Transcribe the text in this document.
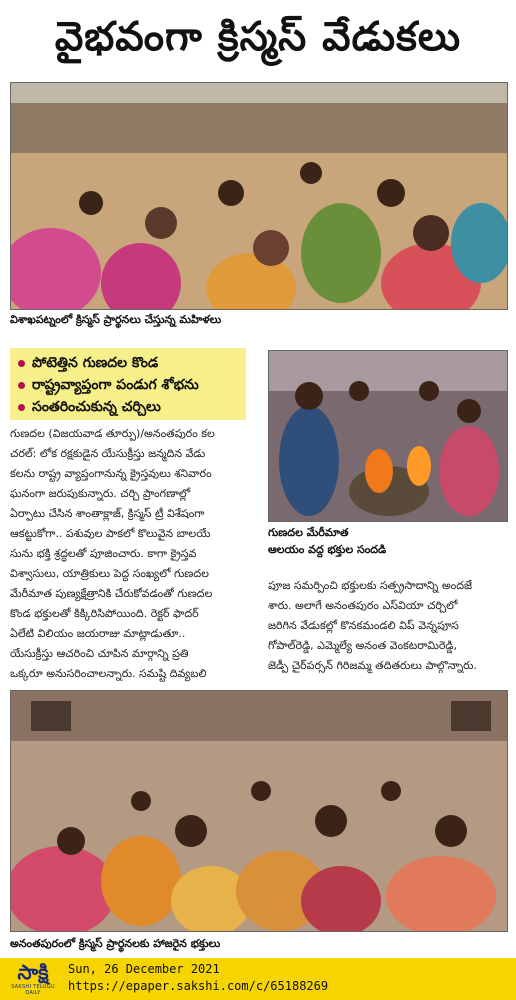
వైభవంగా క్రిస్మస్ వేడుకలు
విశాఖపట్నంలో క్రిస్మస్ ప్రార్థనలు చేస్తున్న మహిళలు
పోటెత్తిన గుణదల కొండ
రాష్ట్రవ్యాప్తంగా పండుగ శోభను
సంతరించుకున్న చర్చిలు
గుణదల మేరీమాత
ఆలయం వద్ద భక్తుల సందడి
గుణదల (విజయవాడ తూర్పు)/అనంతపురం కల
చరల్: లోక రక్షకుడైన యేసుక్రీస్తు జన్మదిన వేడు
కలను రాష్ట్ర వ్యాప్తంగానున్న క్రైస్తవులు శనివారం
ఘనంగా జరుపుకున్నారు. చర్చి ప్రాంగణాల్లో
ఏర్పాటు చేసిన శాంతాక్లాజ్, క్రిస్మస్ ట్రీ విశేషంగా
ఆకట్టుకోగా.. పశువుల పాకలో కొలువైన బాలయే
సును భక్తి శ్రద్ధలతో పూజించారు. కాగా క్రైస్తవ
విశ్వాసులు, యాత్రికులు పెద్ద సంఖ్యలో గుణదల
మేరీమాత పుణ్యక్షేత్రానికి చేరుకోవడంతో గుణదల
కొండ భక్తులతో కిక్కిరిసిపోయింది. రెక్టర్ ఫాదర్
ఏలేటి విలియం జయరాజు మాట్లాడుతూ..
యేసుక్రీస్తు ఆచరించి చూపిన మార్గాన్ని ప్రతి
ఒక్కరూ అనుసరించాలన్నారు. సమష్టి దివ్యబలి
పూజ సమర్పించి భక్తులకు సత్ప్రసాదాన్ని అందజే
శారు. అలాగే అనంతపురం ఎస్‌వియా చర్చిలో
జరిగిన వేడుకల్లో కొనకమండలి విప్ వెన్నపూస
గోపాల్‌రెడ్డి, ఎమ్మెల్యే అనంత వెంకటరామిరెడ్డి,
జెడ్పీ చైర్‌పర్సన్ గిరిజమ్మ తదితరులు పాల్గొన్నారు.
అనంతపురంలో క్రిస్మస్ ప్రార్థనలకు హాజరైన భక్తులు
సాక్షి
SAKSHI TELUGU DAILY
Sun, 26 December 2021
https://epaper.sakshi.com/c/65188269
